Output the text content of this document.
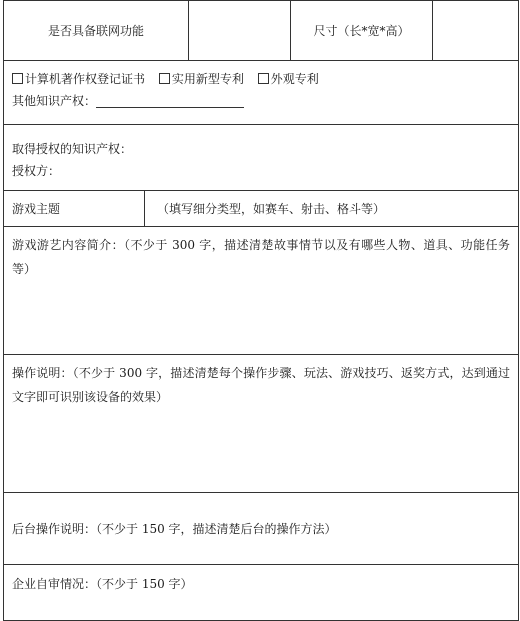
是否具备联网功能			尺寸（长*宽*高）	

计算机著作权登记证书 实用新型专利 外观专利
其他知识产权：				

取得授权的知识产权：
授权方：				

游戏主题	（填写细分类型，如赛车、射击、格斗等）			
游戏游艺内容简介：（不少于 300 字，描述清楚故事情节以及有哪些人物、道具、功能任务等）				
操作说明：（不少于 300 字，描述清楚每个操作步骤、玩法、游戏技巧、返奖方式，达到通过文字即可识别该设备的效果）				
后台操作说明：（不少于 150 字，描述清楚后台的操作方法）				
企业自审情况：（不少于 150 字）				
